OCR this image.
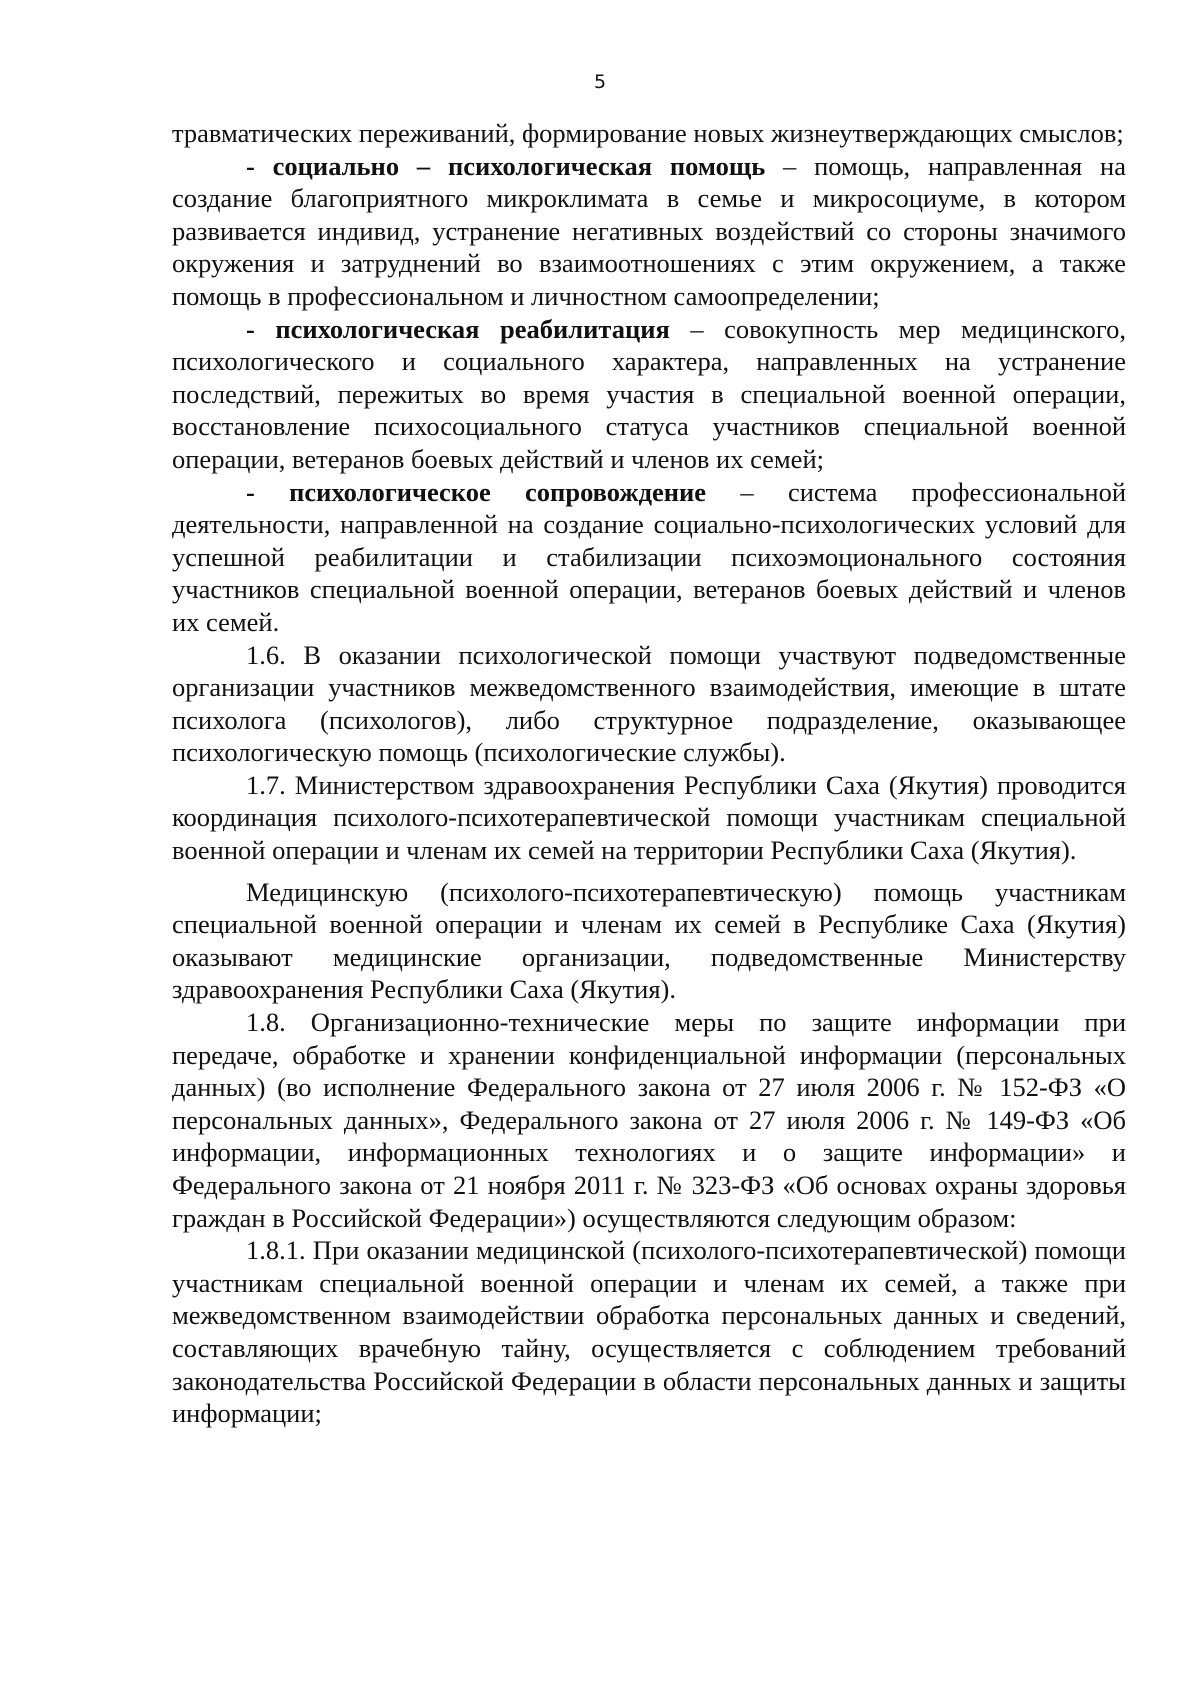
5

травматических переживаний, формирование новых жизнеутверждающих смыслов;

- социально – психологическая помощь – помощь, направленная на создание благоприятного микроклимата в семье и микросоциуме, в котором развивается индивид, устранение негативных воздействий со стороны значимого окружения и затруднений во взаимоотношениях с этим окружением, а также помощь в профессиональном и личностном самоопределении;

- психологическая реабилитация – совокупность мер медицинского, психологического и социального характера, направленных на устранение последствий, пережитых во время участия в специальной военной операции, восстановление психосоциального статуса участников специальной военной операции, ветеранов боевых действий и членов их семей;

- психологическое сопровождение – система профессиональной деятельности, направленной на создание социально-психологических условий для успешной реабилитации и стабилизации психоэмоционального состояния участников специальной военной операции, ветеранов боевых действий и членов их семей.

1.6. В оказании психологической помощи участвуют подведомственные организации участников межведомственного взаимодействия, имеющие в штате психолога (психологов), либо структурное подразделение, оказывающее психологическую помощь (психологические службы).

1.7. Министерством здравоохранения Республики Саха (Якутия) проводится координация психолого-психотерапевтической помощи участникам специальной военной операции и членам их семей на территории Республики Саха (Якутия).

Медицинскую (психолого-психотерапевтическую) помощь участникам специальной военной операции и членам их семей в Республике Саха (Якутия) оказывают медицинские организации, подведомственные Министерству здравоохранения Республики Саха (Якутия).

1.8. Организационно-технические меры по защите информации при передаче, обработке и хранении конфиденциальной информации (персональных данных) (во исполнение Федерального закона от 27 июля 2006 г. № 152-ФЗ «О персональных данных», Федерального закона от 27 июля 2006 г. № 149-ФЗ «Об информации, информационных технологиях и о защите информации» и Федерального закона от 21 ноября 2011 г. № 323-ФЗ «Об основах охраны здоровья граждан в Российской Федерации») осуществляются следующим образом:

1.8.1. При оказании медицинской (психолого-психотерапевтической) помощи участникам специальной военной операции и членам их семей, а также при межведомственном взаимодействии обработка персональных данных и сведений, составляющих врачебную тайну, осуществляется с соблюдением требований законодательства Российской Федерации в области персональных данных и защиты информации;
